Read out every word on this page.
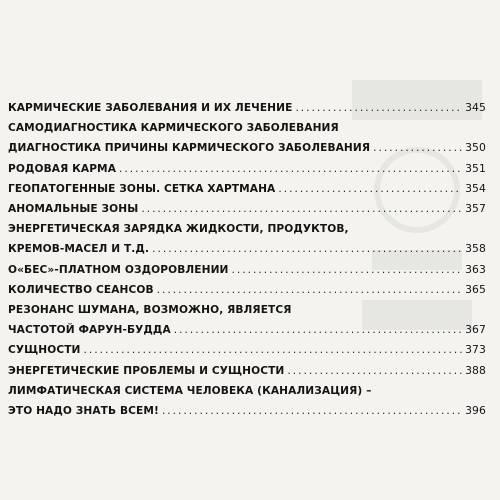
КАРМИЧЕСКИЕ ЗАБОЛЕВАНИЯ И ИХ ЛЕЧЕНИЕ .....	345
САМОДИАГНОСТИКА КАРМИЧЕСКОГО ЗАБОЛЕВАНИЯ
ДИАГНОСТИКА ПРИЧИНЫ КАРМИЧЕСКОГО ЗАБОЛЕВАНИЯ .....	350
РОДОВАЯ КАРМА .....	351
ГЕОПАТОГЕННЫЕ ЗОНЫ. СЕТКА ХАРТМАНА .....	354
АНОМАЛЬНЫЕ ЗОНЫ .....	357
ЭНЕРГЕТИЧЕСКАЯ ЗАРЯДКА ЖИДКОСТИ, ПРОДУКТОВ,
КРЕМОВ-МАСЕЛ И Т.Д. .....	358
О«БЕС»-ПЛАТНОМ ОЗДОРОВЛЕНИИ .....	363
КОЛИЧЕСТВО СЕАНСОВ .....	365
РЕЗОНАНС ШУМАНА, ВОЗМОЖНО, ЯВЛЯЕТСЯ
ЧАСТОТОЙ ФАРУН-БУДДА .....	367
СУЩНОСТИ .....	373
ЭНЕРГЕТИЧЕСКИЕ ПРОБЛЕМЫ И СУЩНОСТИ .....	388
ЛИМФАТИЧЕСКАЯ СИСТЕМА ЧЕЛОВЕКА (КАНАЛИЗАЦИЯ) –
ЭТО НАДО ЗНАТЬ ВСЕМ! .....	396
